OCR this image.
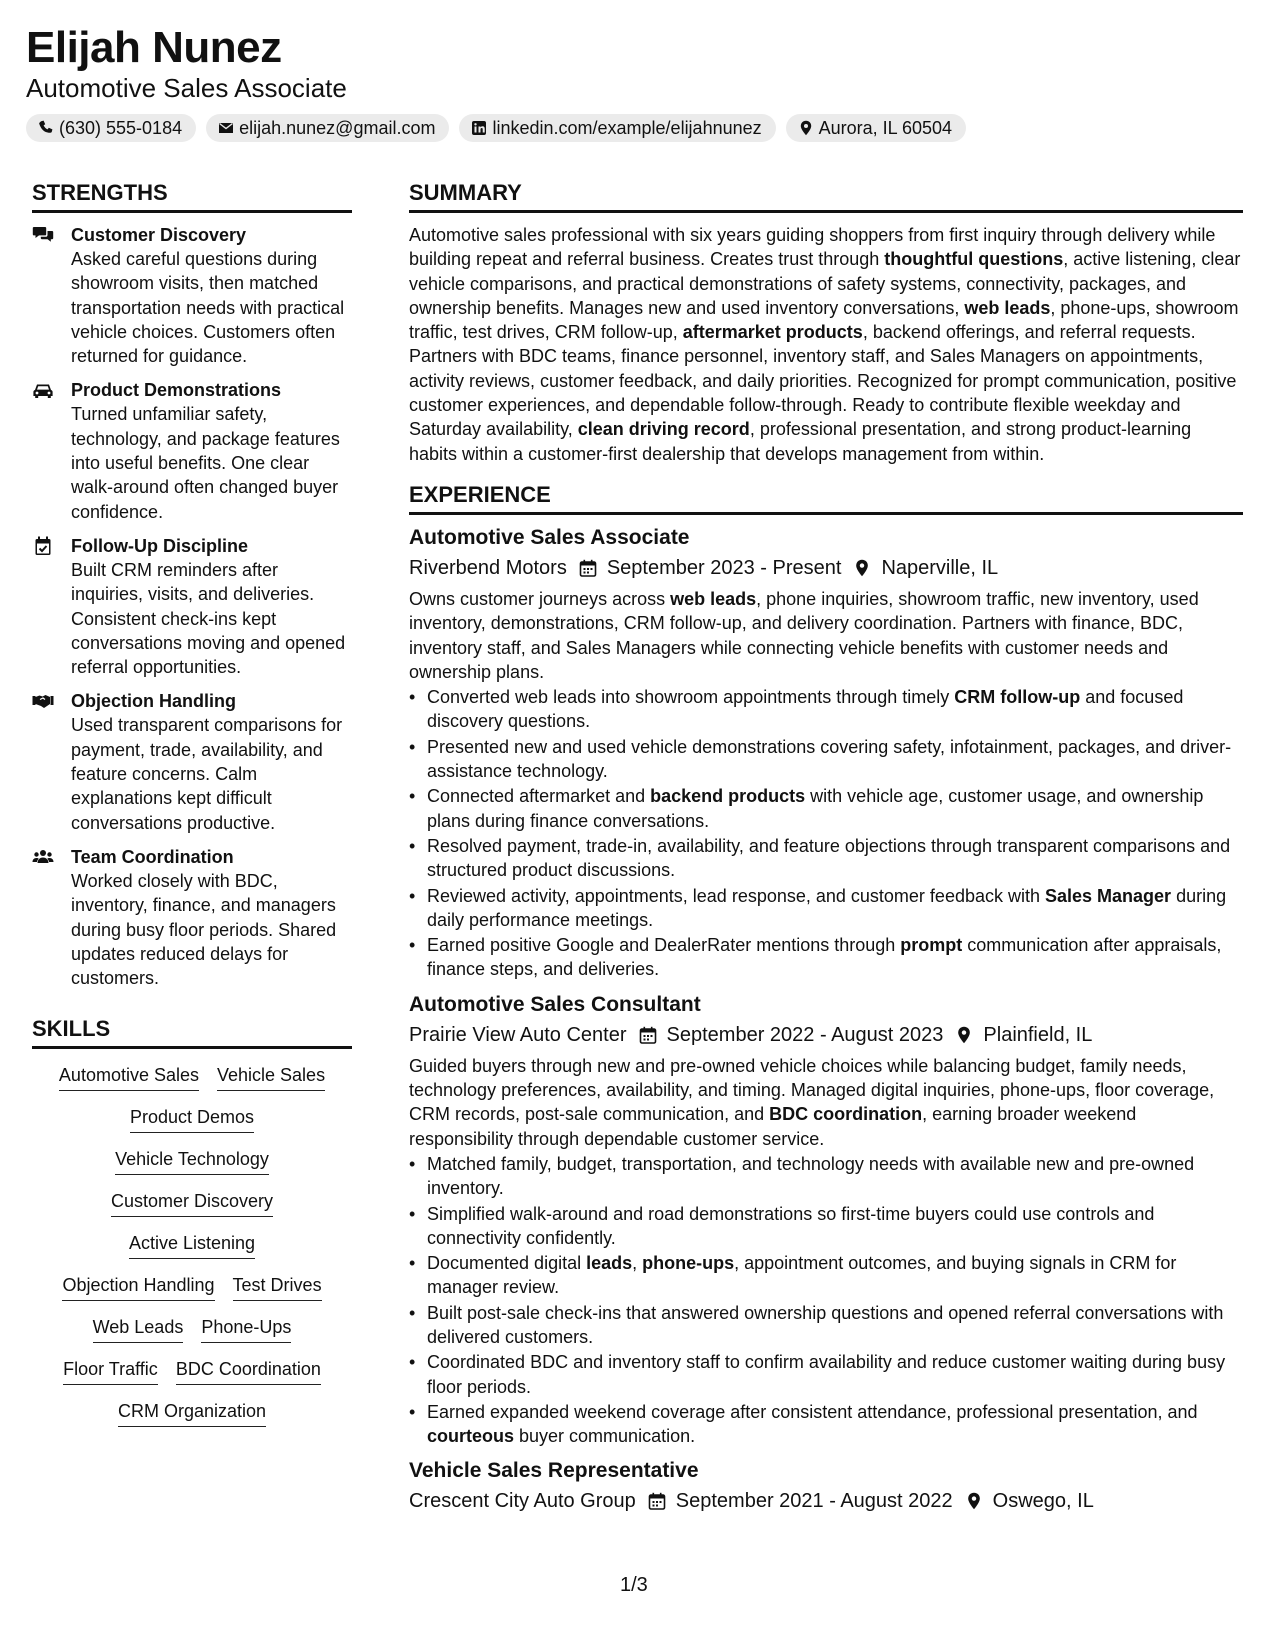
Elijah Nunez
Automotive Sales Associate
(630) 555-0184	elijah.nunez@gmail.com	linkedin.com/example/elijahnunez	Aurora, IL 60504
STRENGTHS
Customer Discovery
Asked careful questions during showroom visits, then matched transportation needs with practical vehicle choices. Customers often returned for guidance.
Product Demonstrations
Turned unfamiliar safety, technology, and package features into useful benefits. One clear walk-around often changed buyer confidence.
Follow-Up Discipline
Built CRM reminders after inquiries, visits, and deliveries. Consistent check-ins kept conversations moving and opened referral opportunities.
Objection Handling
Used transparent comparisons for payment, trade, availability, and feature concerns. Calm explanations kept difficult conversations productive.
Team Coordination
Worked closely with BDC, inventory, finance, and managers during busy floor periods. Shared updates reduced delays for customers.
SKILLS
Automotive Sales Vehicle Sales
Product Demos
Vehicle Technology
Customer Discovery
Active Listening
Objection Handling Test Drives
Web Leads Phone-Ups
Floor Traffic BDC Coordination
CRM Organization
SUMMARY
Automotive sales professional with six years guiding shoppers from first inquiry through delivery while building repeat and referral business. Creates trust through thoughtful questions, active listening, clear vehicle comparisons, and practical demonstrations of safety systems, connectivity, packages, and ownership benefits. Manages new and used inventory conversations, web leads, phone-ups, showroom traffic, test drives, CRM follow-up, aftermarket products, backend offerings, and referral requests. Partners with BDC teams, finance personnel, inventory staff, and Sales Managers on appointments, activity reviews, customer feedback, and daily priorities. Recognized for prompt communication, positive customer experiences, and dependable follow-through. Ready to contribute flexible weekday and Saturday availability, clean driving record, professional presentation, and strong product-learning habits within a customer-first dealership that develops management from within.
EXPERIENCE
Automotive Sales Associate
Riverbend Motors September 2023 - Present Naperville, IL
Owns customer journeys across web leads, phone inquiries, showroom traffic, new inventory, used inventory, demonstrations, CRM follow-up, and delivery coordination. Partners with finance, BDC, inventory staff, and Sales Managers while connecting vehicle benefits with customer needs and ownership plans.
• Converted web leads into showroom appointments through timely CRM follow-up and focused discovery questions.
• Presented new and used vehicle demonstrations covering safety, infotainment, packages, and driver-assistance technology.
• Connected aftermarket and backend products with vehicle age, customer usage, and ownership plans during finance conversations.
• Resolved payment, trade-in, availability, and feature objections through transparent comparisons and structured product discussions.
• Reviewed activity, appointments, lead response, and customer feedback with Sales Manager during daily performance meetings.
• Earned positive Google and DealerRater mentions through prompt communication after appraisals, finance steps, and deliveries.
Automotive Sales Consultant
Prairie View Auto Center September 2022 - August 2023 Plainfield, IL
Guided buyers through new and pre-owned vehicle choices while balancing budget, family needs, technology preferences, availability, and timing. Managed digital inquiries, phone-ups, floor coverage, CRM records, post-sale communication, and BDC coordination, earning broader weekend responsibility through dependable customer service.
• Matched family, budget, transportation, and technology needs with available new and pre-owned inventory.
• Simplified walk-around and road demonstrations so first-time buyers could use controls and connectivity confidently.
• Documented digital leads, phone-ups, appointment outcomes, and buying signals in CRM for manager review.
• Built post-sale check-ins that answered ownership questions and opened referral conversations with delivered customers.
• Coordinated BDC and inventory staff to confirm availability and reduce customer waiting during busy floor periods.
• Earned expanded weekend coverage after consistent attendance, professional presentation, and courteous buyer communication.
Vehicle Sales Representative
Crescent City Auto Group September 2021 - August 2022 Oswego, IL
1/3
